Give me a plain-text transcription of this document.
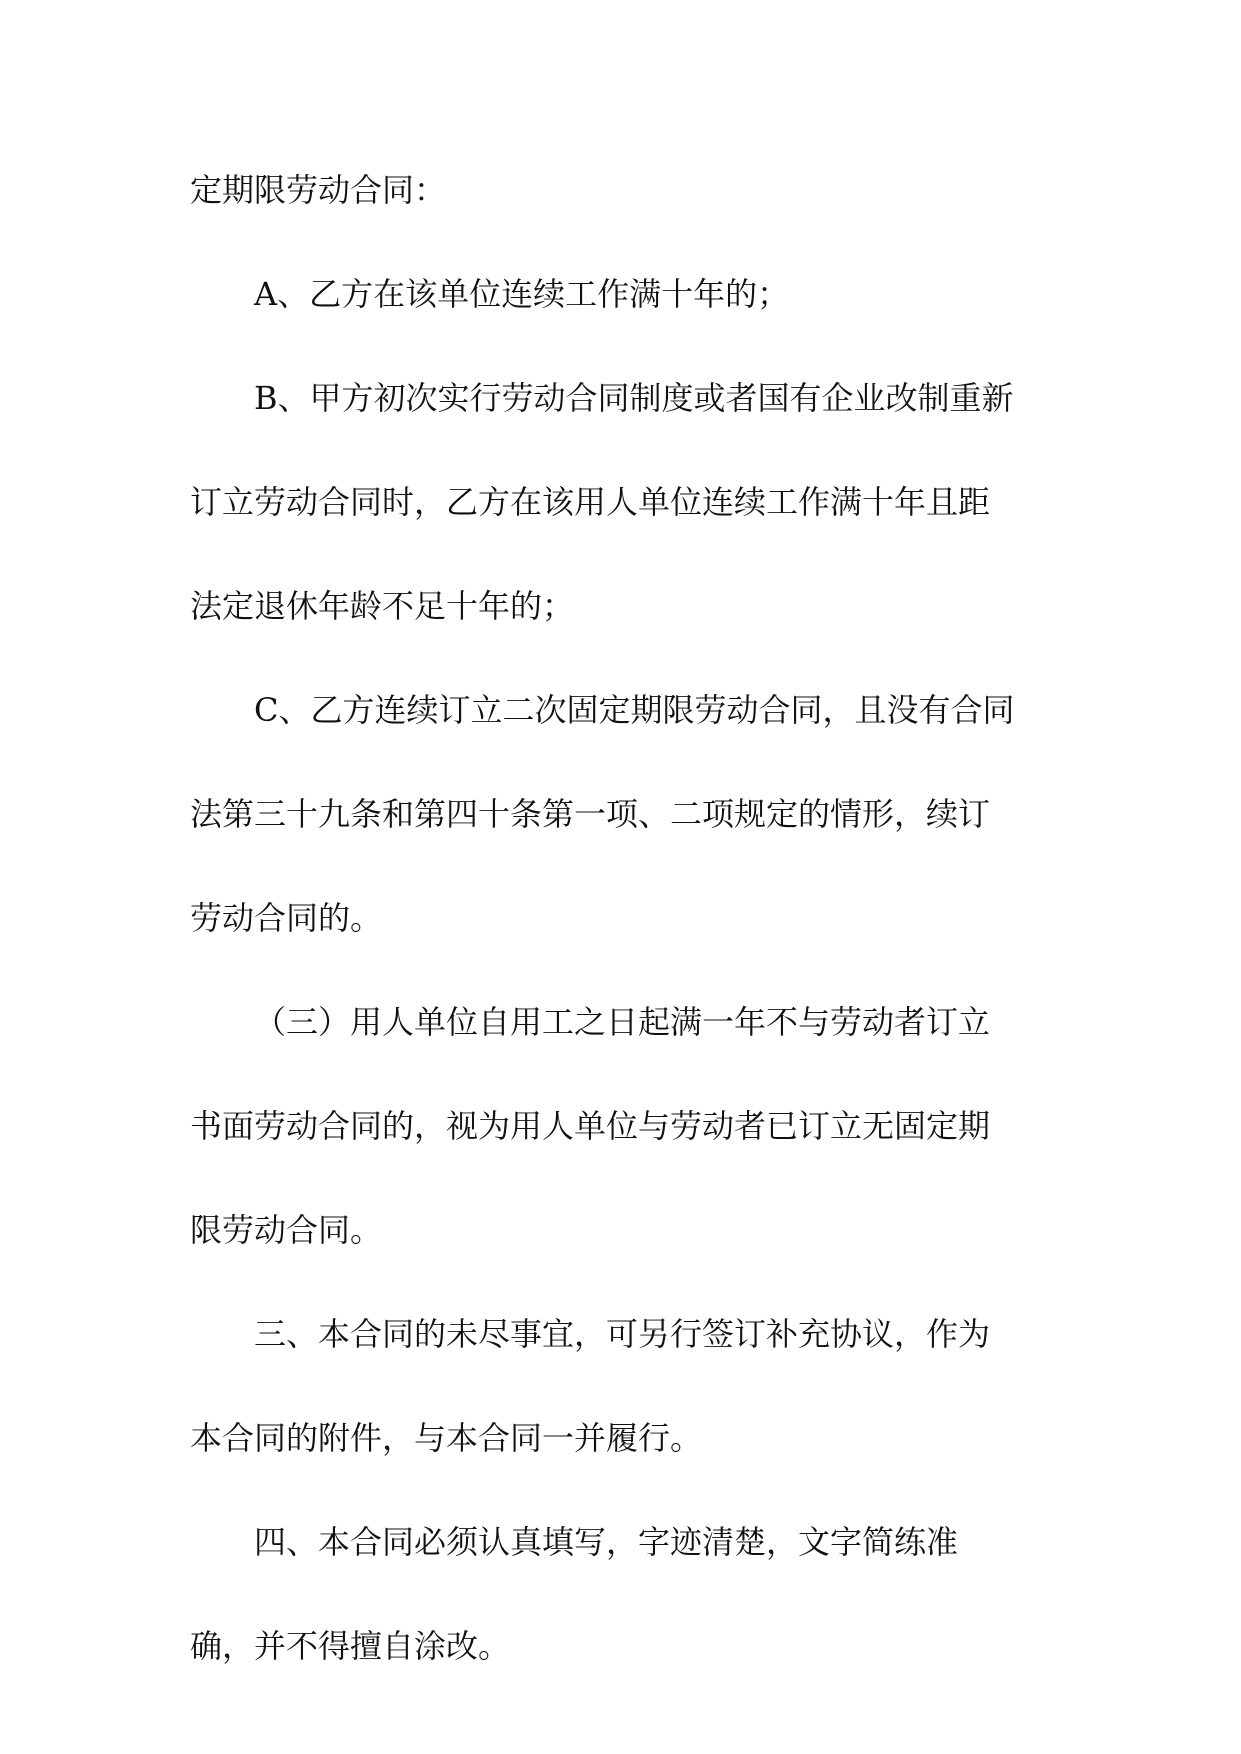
定期限劳动合同：
A、乙方在该单位连续工作满十年的；
B、甲方初次实行劳动合同制度或者国有企业改制重新
订立劳动合同时，乙方在该用人单位连续工作满十年且距
法定退休年龄不足十年的；
C、乙方连续订立二次固定期限劳动合同，且没有合同
法第三十九条和第四十条第一项、二项规定的情形，续订
劳动合同的。
（三）用人单位自用工之日起满一年不与劳动者订立
书面劳动合同的，视为用人单位与劳动者已订立无固定期
限劳动合同。
三、本合同的未尽事宜，可另行签订补充协议，作为
本合同的附件，与本合同一并履行。
四、本合同必须认真填写，字迹清楚，文字简练准
确，并不得擅自涂改。
